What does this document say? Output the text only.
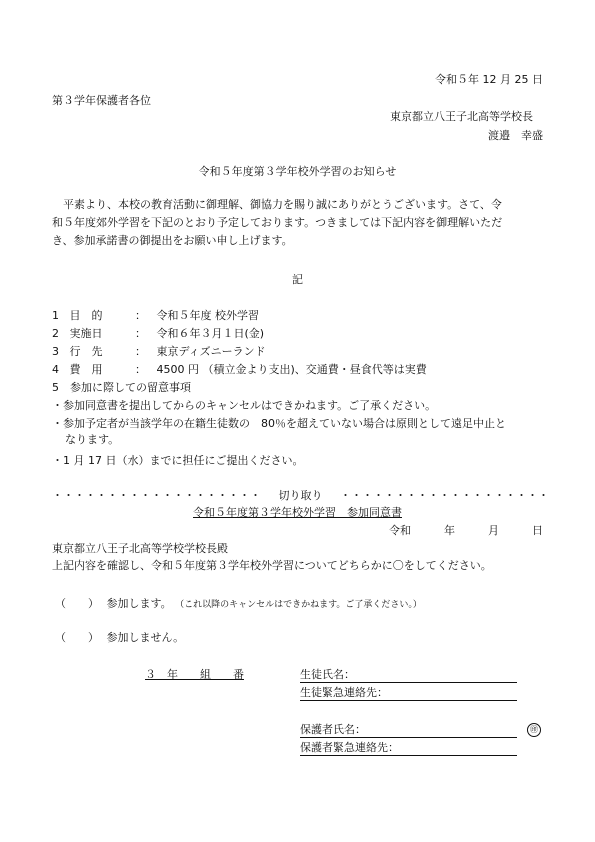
令和５年 12 月 25 日
第３学年保護者各位
東京都立八王子北高等学校長
渡邉　幸盛
令和５年度第３学年校外学習のお知らせ
平素より、本校の教育活動に御理解、御協力を賜り誠にありがとうございます。さて、令
和５年度郊外学習を下記のとおり予定しております。つきましては下記内容を御理解いただ
き、参加承諾書の御提出をお願い申し上げます。
記
1 目　的	： 令和５年度 校外学習
2 実施日	： 令和６年３月１日(金)
3 行　先	： 東京ディズニーランド
4 費　用	： 4500 円 （積立金より支出)、交通費・昼食代等は実費
5　参加に際しての留意事項
・参加同意書を提出してからのキャンセルはできかねます。ご了承ください。
・参加予定者が当該学年の在籍生徒数の　80％を超えていない場合は原則として遠足中止と
なります。
・1 月 17 日（水）までに担任にご提出ください。
・・・・・・・・・・・・・・・・・・・ 切り取り ・・・・・・・・・・・・・・・・・・・
令和５年度第３学年校外学習　参加同意書
令和　　　年　　　月　　　日
東京都立八王子北高等学校学校長殿
上記内容を確認し、令和５年度第３学年校外学習についてどちらかに〇をしてください。
（　　） 参加します。 （これ以降のキャンセルはできかねます。ご了承ください。）
（　　） 参加しません。
３　年　　組　　番	生徒氏名：
生徒緊急連絡先：
保護者氏名：	㊞
保護者緊急連絡先：
